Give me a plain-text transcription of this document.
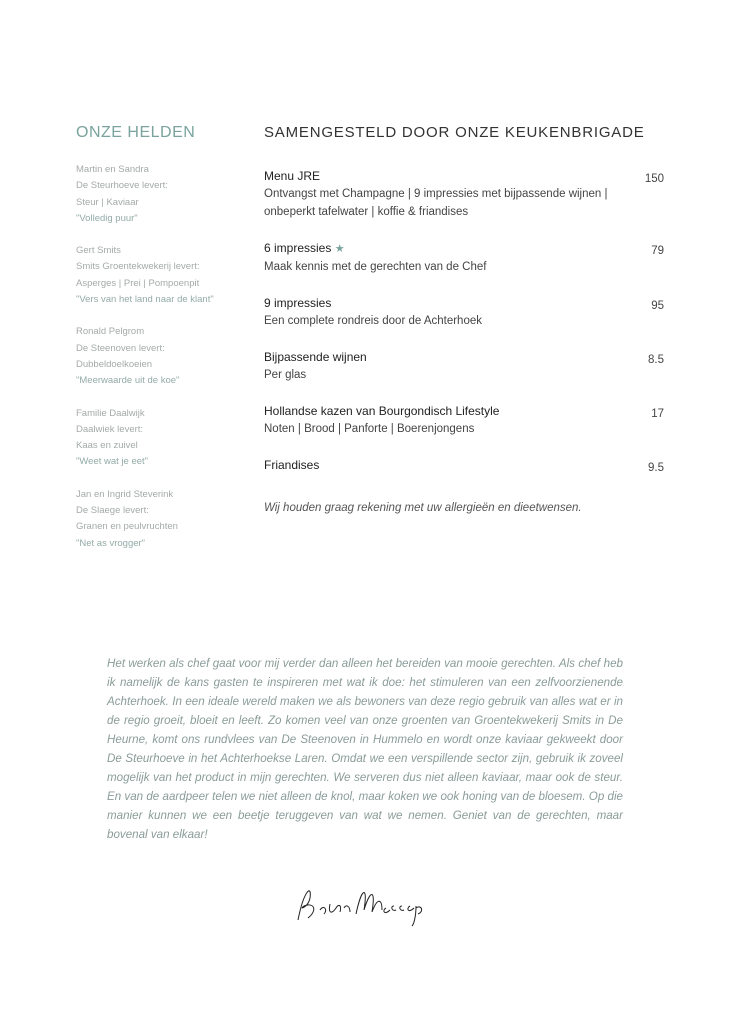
ONZE HELDEN
Martin en Sandra
De Steurhoeve levert:
Steur | Kaviaar
"Volledig puur"
Gert Smits
Smits Groentekwekerij levert:
Asperges | Prei | Pompoenpit
"Vers van het land naar de klant"
Ronald Pelgrom
De Steenoven levert:
Dubbeldoelkoeien
"Meerwaarde uit de koe"
Familie Daalwijk
Daalwiek levert:
Kaas en zuivel
"Weet wat je eet"
Jan en Ingrid Steverink
De Slaege levert:
Granen en peulvruchten
"Net as vrogger"
SAMENGESTELD DOOR ONZE KEUKENBRIGADE
Menu JRE
Ontvangst met Champagne | 9 impressies met bijpassende wijnen | onbeperkt tafelwater | koffie & friandises
150
6 impressies ★
Maak kennis met de gerechten van de Chef
79
9 impressies
Een complete rondreis door de Achterhoek
95
Bijpassende wijnen
Per glas
8.5
Hollandse kazen van Bourgondisch Lifestyle
Noten | Brood | Panforte | Boerenjongens
17
Friandises	9.5
Wij houden graag rekening met uw allergieën en dieetwensen.
Het werken als chef gaat voor mij verder dan alleen het bereiden van mooie gerechten. Als chef heb ik namelijk de kans gasten te inspireren met wat ik doe: het stimuleren van een zelfvoorzienende Achterhoek. In een ideale wereld maken we als bewoners van deze regio gebruik van alles wat er in de regio groeit, bloeit en leeft. Zo komen veel van onze groenten van Groentekwekerij Smits in De Heurne, komt ons rundvlees van De Steenoven in Hummelo en wordt onze kaviaar gekweekt door De Steurhoeve in het Achterhoekse Laren. Omdat we een verspillende sector zijn, gebruik ik zoveel mogelijk van het product in mijn gerechten. We serveren dus niet alleen kaviaar, maar ook de steur. En van de aardpeer telen we niet alleen de knol, maar koken we ook honing van de bloesem. Op die manier kunnen we een beetje teruggeven van wat we nemen. Geniet van de gerechten, maar bovenal van elkaar!
